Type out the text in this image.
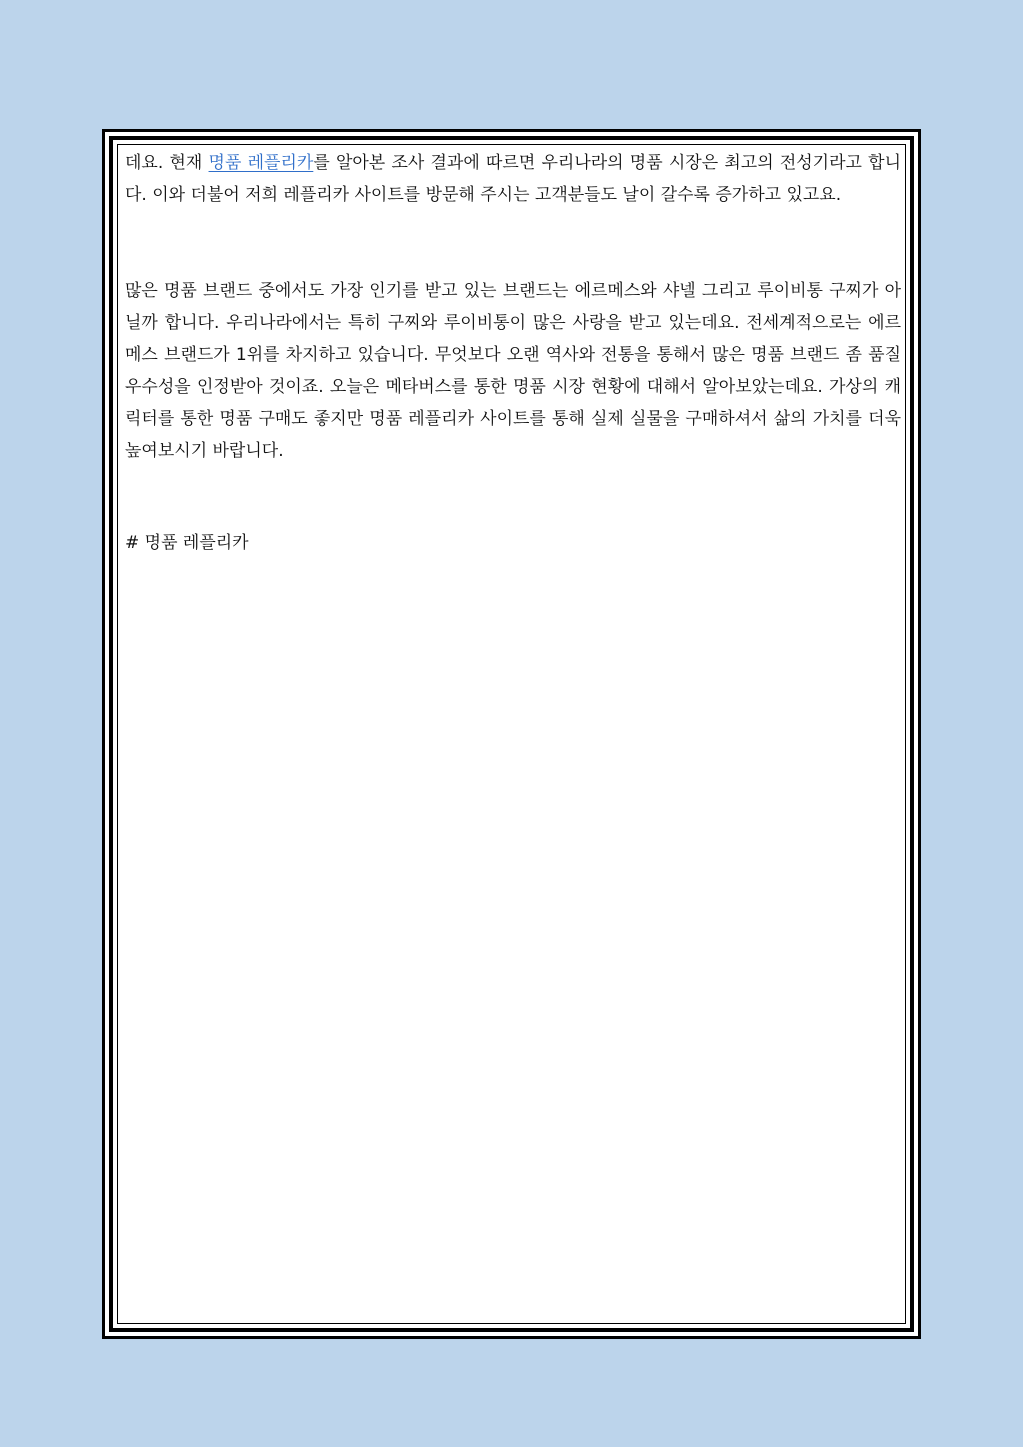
데요. 현재 명품 레플리카를 알아본 조사 결과에 따르면 우리나라의 명품 시장은 최고의 전성기라고 합니다. 이와 더불어 저희 레플리카 사이트를 방문해 주시는 고객분들도 날이 갈수록 증가하고 있고요.

많은 명품 브랜드 중에서도 가장 인기를 받고 있는 브랜드는 에르메스와 샤넬 그리고 루이비통 구찌가 아닐까 합니다. 우리나라에서는 특히 구찌와 루이비통이 많은 사랑을 받고 있는데요. 전세계적으로는 에르메스 브랜드가 1위를 차지하고 있습니다. 무엇보다 오랜 역사와 전통을 통해서 많은 명품 브랜드 좀 품질 우수성을 인정받아 것이죠. 오늘은 메타버스를 통한 명품 시장 현황에 대해서 알아보았는데요. 가상의 캐릭터를 통한 명품 구매도 좋지만 명품 레플리카 사이트를 통해 실제 실물을 구매하셔서 삶의 가치를 더욱 높여보시기 바랍니다.

# 명품 레플리카
